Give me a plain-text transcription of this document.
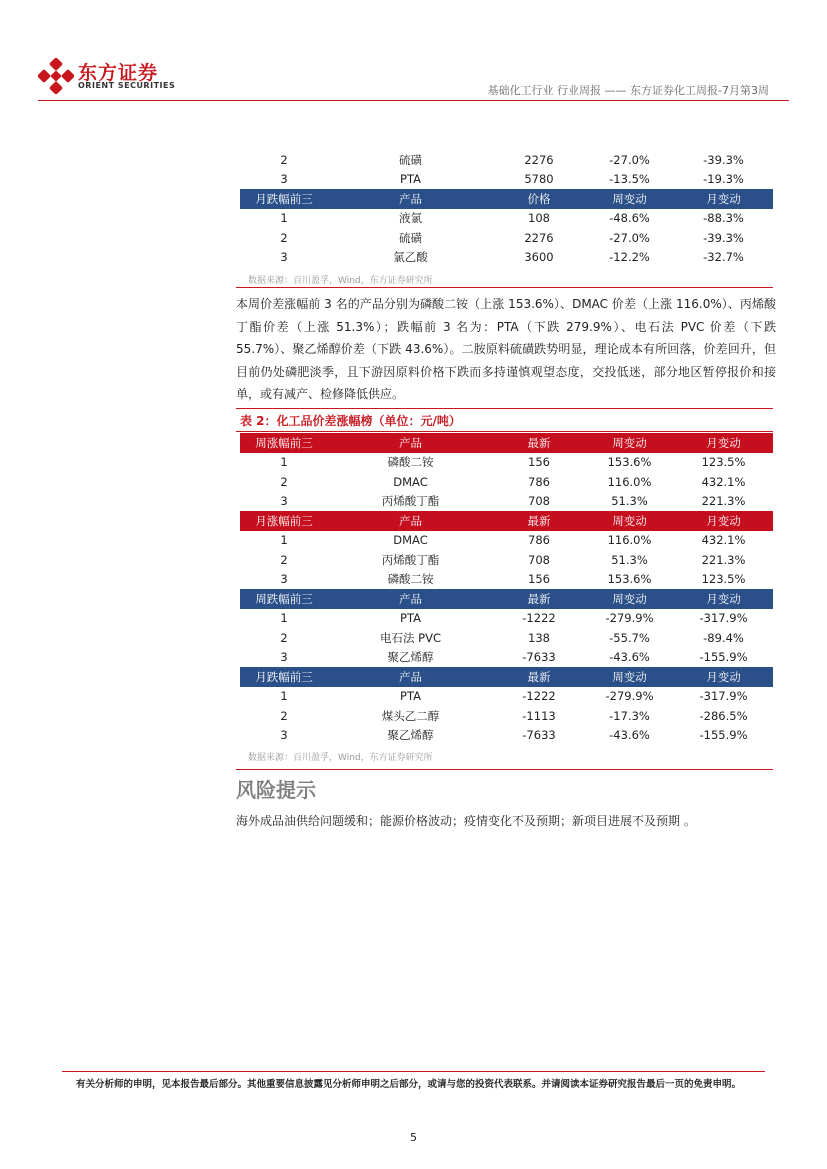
东方证券
ORIENT SECURITIES	基础化工行业 行业周报 —— 东方证券化工周报-7月第3周
2	硫磺	2276	-27.0%	-39.3%
3	PTA	5780	-13.5%	-19.3%
月跌幅前三	产品	价格	周变动	月变动
1	液氯	108	-48.6%	-88.3%
2	硫磺	2276	-27.0%	-39.3%
3	氯乙酸	3600	-12.2%	-32.7%
数据来源：百川盈孚，Wind，东方证券研究所
本周价差涨幅前 3 名的产品分别为磷酸二铵（上涨 153.6%）、DMAC 价差（上涨 116.0%）、丙烯酸丁酯价差（上涨 51.3%）；跌幅前 3 名为：PTA（下跌 279.9%）、电石法 PVC 价差（下跌 55.7%）、聚乙烯醇价差（下跌 43.6%）。二胺原料硫磺跌势明显，理论成本有所回落，价差回升，但目前仍处磷肥淡季，且下游因原料价格下跌而多持谨慎观望态度，交投低迷，部分地区暂停报价和接单，或有减产、检修降低供应。
表 2：化工品价差涨幅榜（单位：元/吨）
周涨幅前三	产品	最新	周变动	月变动
1	磷酸二铵	156	153.6%	123.5%
2	DMAC	786	116.0%	432.1%
3	丙烯酸丁酯	708	51.3%	221.3%
月涨幅前三	产品	最新	周变动	月变动
1	DMAC	786	116.0%	432.1%
2	丙烯酸丁酯	708	51.3%	221.3%
3	磷酸二铵	156	153.6%	123.5%
周跌幅前三	产品	最新	周变动	月变动
1	PTA	-1222	-279.9%	-317.9%
2	电石法 PVC	138	-55.7%	-89.4%
3	聚乙烯醇	-7633	-43.6%	-155.9%
月跌幅前三	产品	最新	周变动	月变动
1	PTA	-1222	-279.9%	-317.9%
2	煤头乙二醇	-1113	-17.3%	-286.5%
3	聚乙烯醇	-7633	-43.6%	-155.9%
数据来源：百川盈孚，Wind，东方证券研究所
风险提示
海外成品油供给问题缓和；能源价格波动；疫情变化不及预期；新项目进展不及预期 。
有关分析师的申明，见本报告最后部分。其他重要信息披露见分析师申明之后部分，或请与您的投资代表联系。并请阅读本证券研究报告最后一页的免责申明。
5
